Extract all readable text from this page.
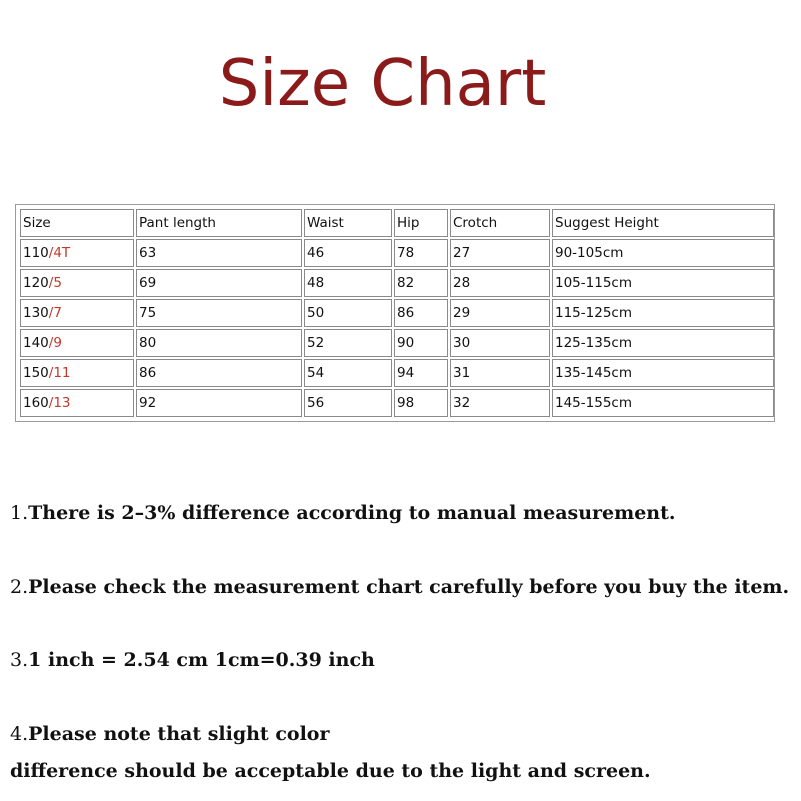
Size Chart
Size	Pant length	Waist	Hip	Crotch	Suggest Height
110/4T	63	46	78	27	90-105cm
120/5	69	48	82	28	105-115cm
130/7	75	50	86	29	115-125cm
140/9	80	52	90	30	125-135cm
150/11	86	54	94	31	135-145cm
160/13	92	56	98	32	145-155cm
1.There is 2–3% difference according to manual measurement.
2.Please check the measurement chart carefully before you buy the item.
3.1 inch = 2.54 cm 1cm=0.39 inch
4.Please note that slight color
difference should be acceptable due to the light and screen.
